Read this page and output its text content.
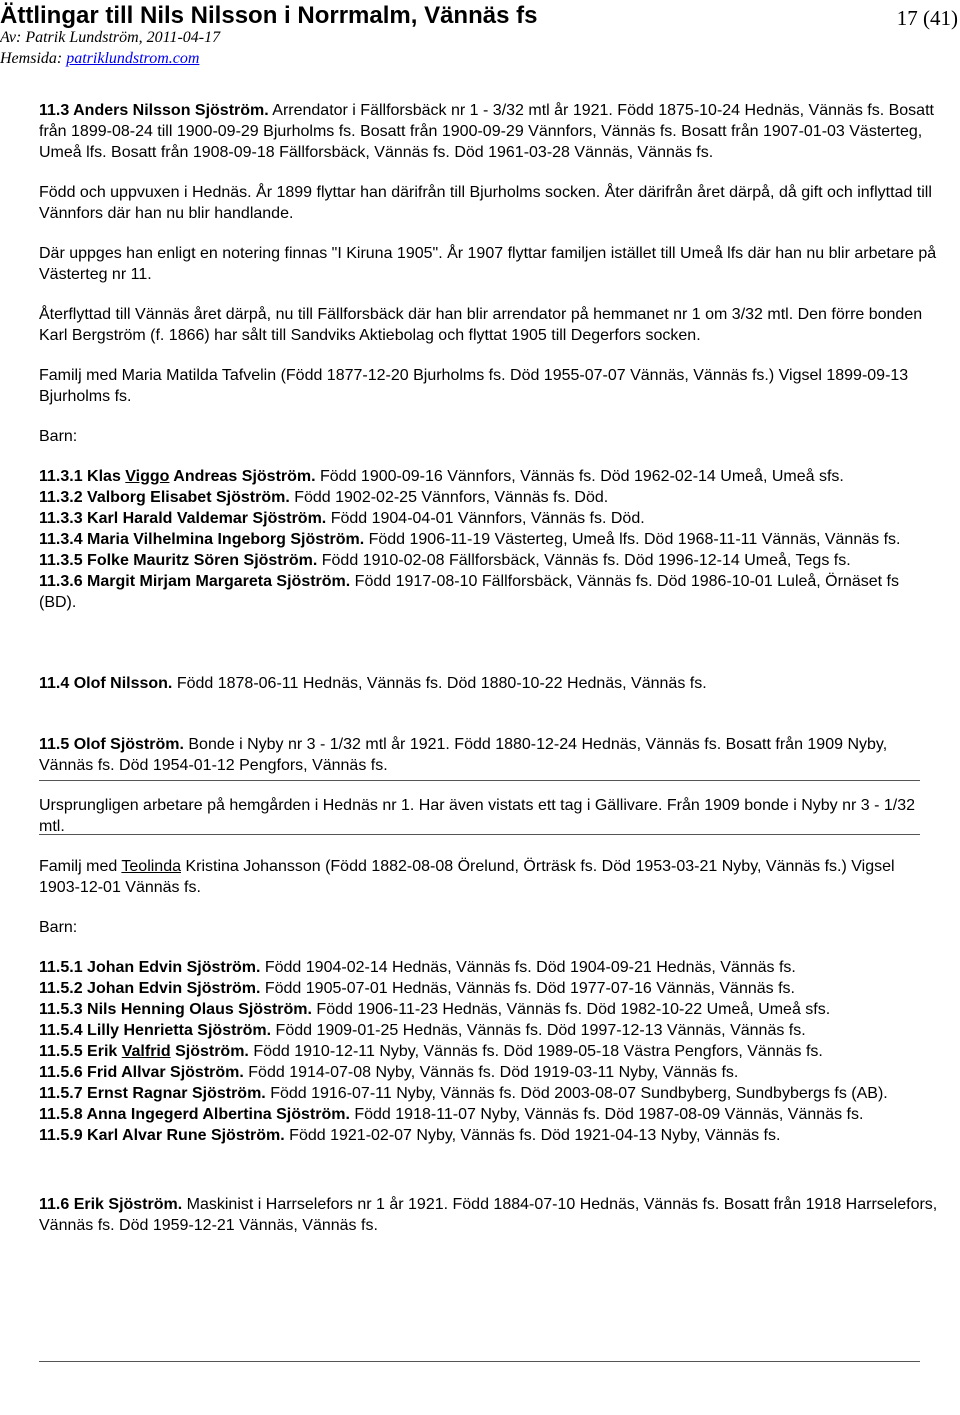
Ättlingar till Nils Nilsson i Norrmalm, Vännäs fs	17 (41)
Av: Patrik Lundström, 2011-04-17
Hemsida: patriklundstrom.com

11.3 Anders Nilsson Sjöström. Arrendator i Fällforsbäck nr 1 - 3/32 mtl år 1921. Född 1875-10-24 Hednäs, Vännäs fs. Bosatt från 1899-08-24 till 1900-09-29 Bjurholms fs. Bosatt från 1900-09-29 Vännfors, Vännäs fs. Bosatt från 1907-01-03 Västerteg, Umeå lfs. Bosatt från 1908-09-18 Fällforsbäck, Vännäs fs. Död 1961-03-28 Vännäs, Vännäs fs.

Född och uppvuxen i Hednäs. År 1899 flyttar han därifrån till Bjurholms socken. Åter därifrån året därpå, då gift och inflyttad till Vännfors där han nu blir handlande.

Där uppges han enligt en notering finnas "I Kiruna 1905". År 1907 flyttar familjen istället till Umeå lfs där han nu blir arbetare på Västerteg nr 11.

Återflyttad till Vännäs året därpå, nu till Fällforsbäck där han blir arrendator på hemmanet nr 1 om 3/32 mtl. Den förre bonden Karl Bergström (f. 1866) har sålt till Sandviks Aktiebolag och flyttat 1905 till Degerfors socken.

Familj med Maria Matilda Tafvelin (Född 1877-12-20 Bjurholms fs. Död 1955-07-07 Vännäs, Vännäs fs.) Vigsel 1899-09-13 Bjurholms fs.

Barn:

11.3.1 Klas Viggo Andreas Sjöström. Född 1900-09-16 Vännfors, Vännäs fs. Död 1962-02-14 Umeå, Umeå sfs.

11.3.2 Valborg Elisabet Sjöström. Född 1902-02-25 Vännfors, Vännäs fs. Död.

11.3.3 Karl Harald Valdemar Sjöström. Född 1904-04-01 Vännfors, Vännäs fs. Död.

11.3.4 Maria Vilhelmina Ingeborg Sjöström. Född 1906-11-19 Västerteg, Umeå lfs. Död 1968-11-11 Vännäs, Vännäs fs.

11.3.5 Folke Mauritz Sören Sjöström. Född 1910-02-08 Fällforsbäck, Vännäs fs. Död 1996-12-14 Umeå, Tegs fs.

11.3.6 Margit Mirjam Margareta Sjöström. Född 1917-08-10 Fällforsbäck, Vännäs fs. Död 1986-10-01 Luleå, Örnäset fs (BD).

11.4 Olof Nilsson. Född 1878-06-11 Hednäs, Vännäs fs. Död 1880-10-22 Hednäs, Vännäs fs.

11.5 Olof Sjöström. Bonde i Nyby nr 3 - 1/32 mtl år 1921. Född 1880-12-24 Hednäs, Vännäs fs. Bosatt från 1909 Nyby, Vännäs fs. Död 1954-01-12 Pengfors, Vännäs fs.

Ursprungligen arbetare på hemgården i Hednäs nr 1. Har även vistats ett tag i Gällivare. Från 1909 bonde i Nyby nr 3 - 1/32 mtl.

Familj med Teolinda Kristina Johansson (Född 1882-08-08 Örelund, Örträsk fs. Död 1953-03-21 Nyby, Vännäs fs.) Vigsel 1903-12-01 Vännäs fs.

Barn:

11.5.1 Johan Edvin Sjöström. Född 1904-02-14 Hednäs, Vännäs fs. Död 1904-09-21 Hednäs, Vännäs fs.

11.5.2 Johan Edvin Sjöström. Född 1905-07-01 Hednäs, Vännäs fs. Död 1977-07-16 Vännäs, Vännäs fs.

11.5.3 Nils Henning Olaus Sjöström. Född 1906-11-23 Hednäs, Vännäs fs. Död 1982-10-22 Umeå, Umeå sfs.

11.5.4 Lilly Henrietta Sjöström. Född 1909-01-25 Hednäs, Vännäs fs. Död 1997-12-13 Vännäs, Vännäs fs.

11.5.5 Erik Valfrid Sjöström. Född 1910-12-11 Nyby, Vännäs fs. Död 1989-05-18 Västra Pengfors, Vännäs fs.

11.5.6 Frid Allvar Sjöström. Född 1914-07-08 Nyby, Vännäs fs. Död 1919-03-11 Nyby, Vännäs fs.

11.5.7 Ernst Ragnar Sjöström. Född 1916-07-11 Nyby, Vännäs fs. Död 2003-08-07 Sundbyberg, Sundbybergs fs (AB).

11.5.8 Anna Ingegerd Albertina Sjöström. Född 1918-11-07 Nyby, Vännäs fs. Död 1987-08-09 Vännäs, Vännäs fs.

11.5.9 Karl Alvar Rune Sjöström. Född 1921-02-07 Nyby, Vännäs fs. Död 1921-04-13 Nyby, Vännäs fs.

11.6 Erik Sjöström. Maskinist i Harrselefors nr 1 år 1921. Född 1884-07-10 Hednäs, Vännäs fs. Bosatt från 1918 Harrselefors, Vännäs fs. Död 1959-12-21 Vännäs, Vännäs fs.
